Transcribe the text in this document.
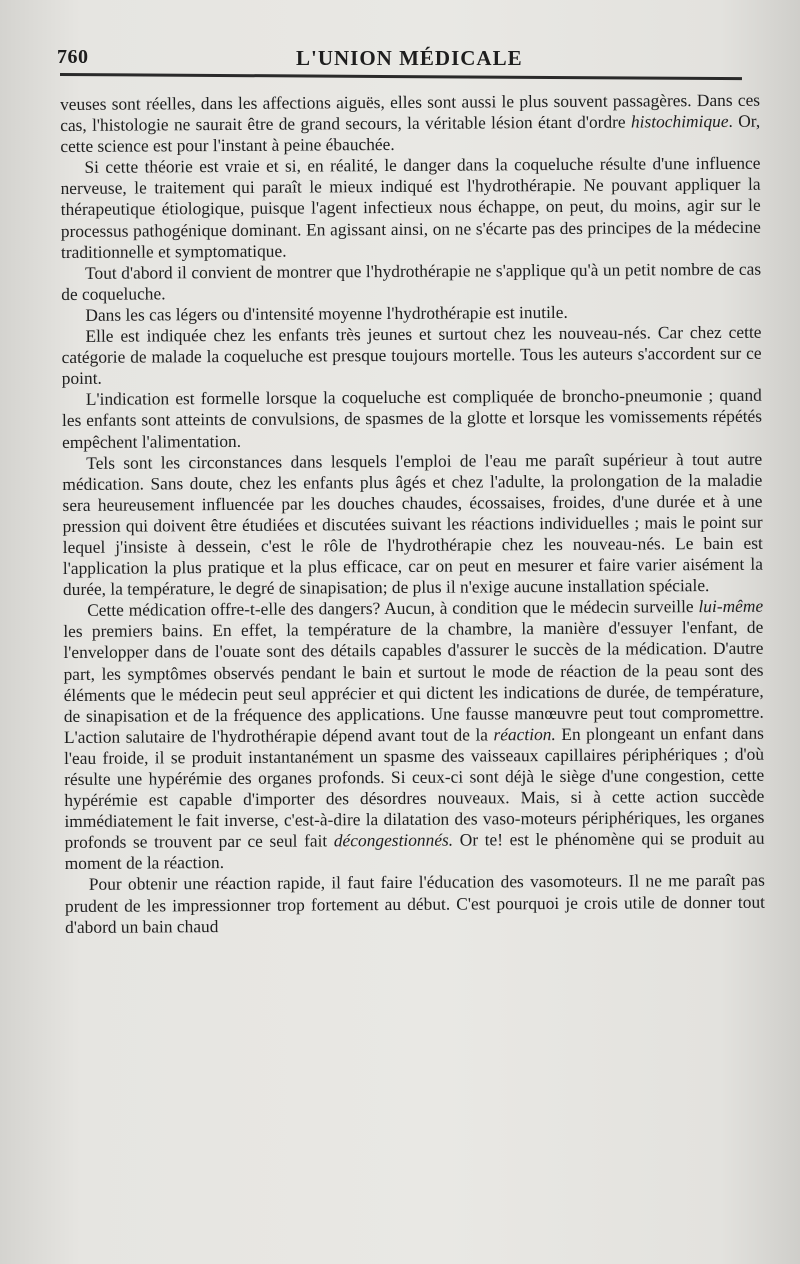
760	L'UNION MÉDICALE

veuses sont réelles, dans les affections aiguës, elles sont aussi le plus souvent passagères. Dans ces cas, l'histologie ne saurait être de grand secours, la véritable lésion étant d'ordre histochimique. Or, cette science est pour l'instant à peine ébauchée.

Si cette théorie est vraie et si, en réalité, le danger dans la coqueluche résulte d'une influence nerveuse, le traitement qui paraît le mieux indiqué est l'hydrothérapie. Ne pouvant appliquer la thérapeutique étiologique, puisque l'agent infectieux nous échappe, on peut, du moins, agir sur le processus pathogénique dominant. En agissant ainsi, on ne s'écarte pas des principes de la médecine traditionnelle et symptomatique.

Tout d'abord il convient de montrer que l'hydrothérapie ne s'applique qu'à un petit nombre de cas de coqueluche.

Dans les cas légers ou d'intensité moyenne l'hydrothérapie est inutile.

Elle est indiquée chez les enfants très jeunes et surtout chez les nouveau-nés. Car chez cette catégorie de malade la coqueluche est presque toujours mortelle. Tous les auteurs s'accordent sur ce point.

L'indication est formelle lorsque la coqueluche est compliquée de broncho-pneumonie ; quand les enfants sont atteints de convulsions, de spasmes de la glotte et lorsque les vomissements répétés empêchent l'alimentation.

Tels sont les circonstances dans lesquels l'emploi de l'eau me paraît supérieur à tout autre médication. Sans doute, chez les enfants plus âgés et chez l'adulte, la prolongation de la maladie sera heureusement influencée par les douches chaudes, écossaises, froides, d'une durée et à une pression qui doivent être étudiées et discutées suivant les réactions individuelles ; mais le point sur lequel j'insiste à dessein, c'est le rôle de l'hydrothérapie chez les nouveau-nés. Le bain est l'application la plus pratique et la plus efficace, car on peut en mesurer et faire varier aisément la durée, la température, le degré de sinapisation; de plus il n'exige aucune installation spéciale.

Cette médication offre-t-elle des dangers? Aucun, à condition que le médecin surveille lui-même les premiers bains. En effet, la température de la chambre, la manière d'essuyer l'enfant, de l'envelopper dans de l'ouate sont des détails capables d'assurer le succès de la médication. D'autre part, les symptômes observés pendant le bain et surtout le mode de réaction de la peau sont des éléments que le médecin peut seul apprécier et qui dictent les indications de durée, de température, de sinapisation et de la fréquence des applications. Une fausse manœuvre peut tout compromettre. L'action salutaire de l'hydrothérapie dépend avant tout de la réaction. En plongeant un enfant dans l'eau froide, il se produit instantanément un spasme des vaisseaux capillaires périphériques ; d'où résulte une hypérémie des organes profonds. Si ceux-ci sont déjà le siège d'une congestion, cette hypérémie est capable d'importer des désordres nouveaux. Mais, si à cette action succède immédiatement le fait inverse, c'est-à-dire la dilatation des vaso-moteurs périphériques, les organes profonds se trouvent par ce seul fait décongestionnés. Or te! est le phénomène qui se produit au moment de la réaction.

Pour obtenir une réaction rapide, il faut faire l'éducation des vasomoteurs. Il ne me paraît pas prudent de les impressionner trop fortement au début. C'est pourquoi je crois utile de donner tout d'abord un bain chaud
